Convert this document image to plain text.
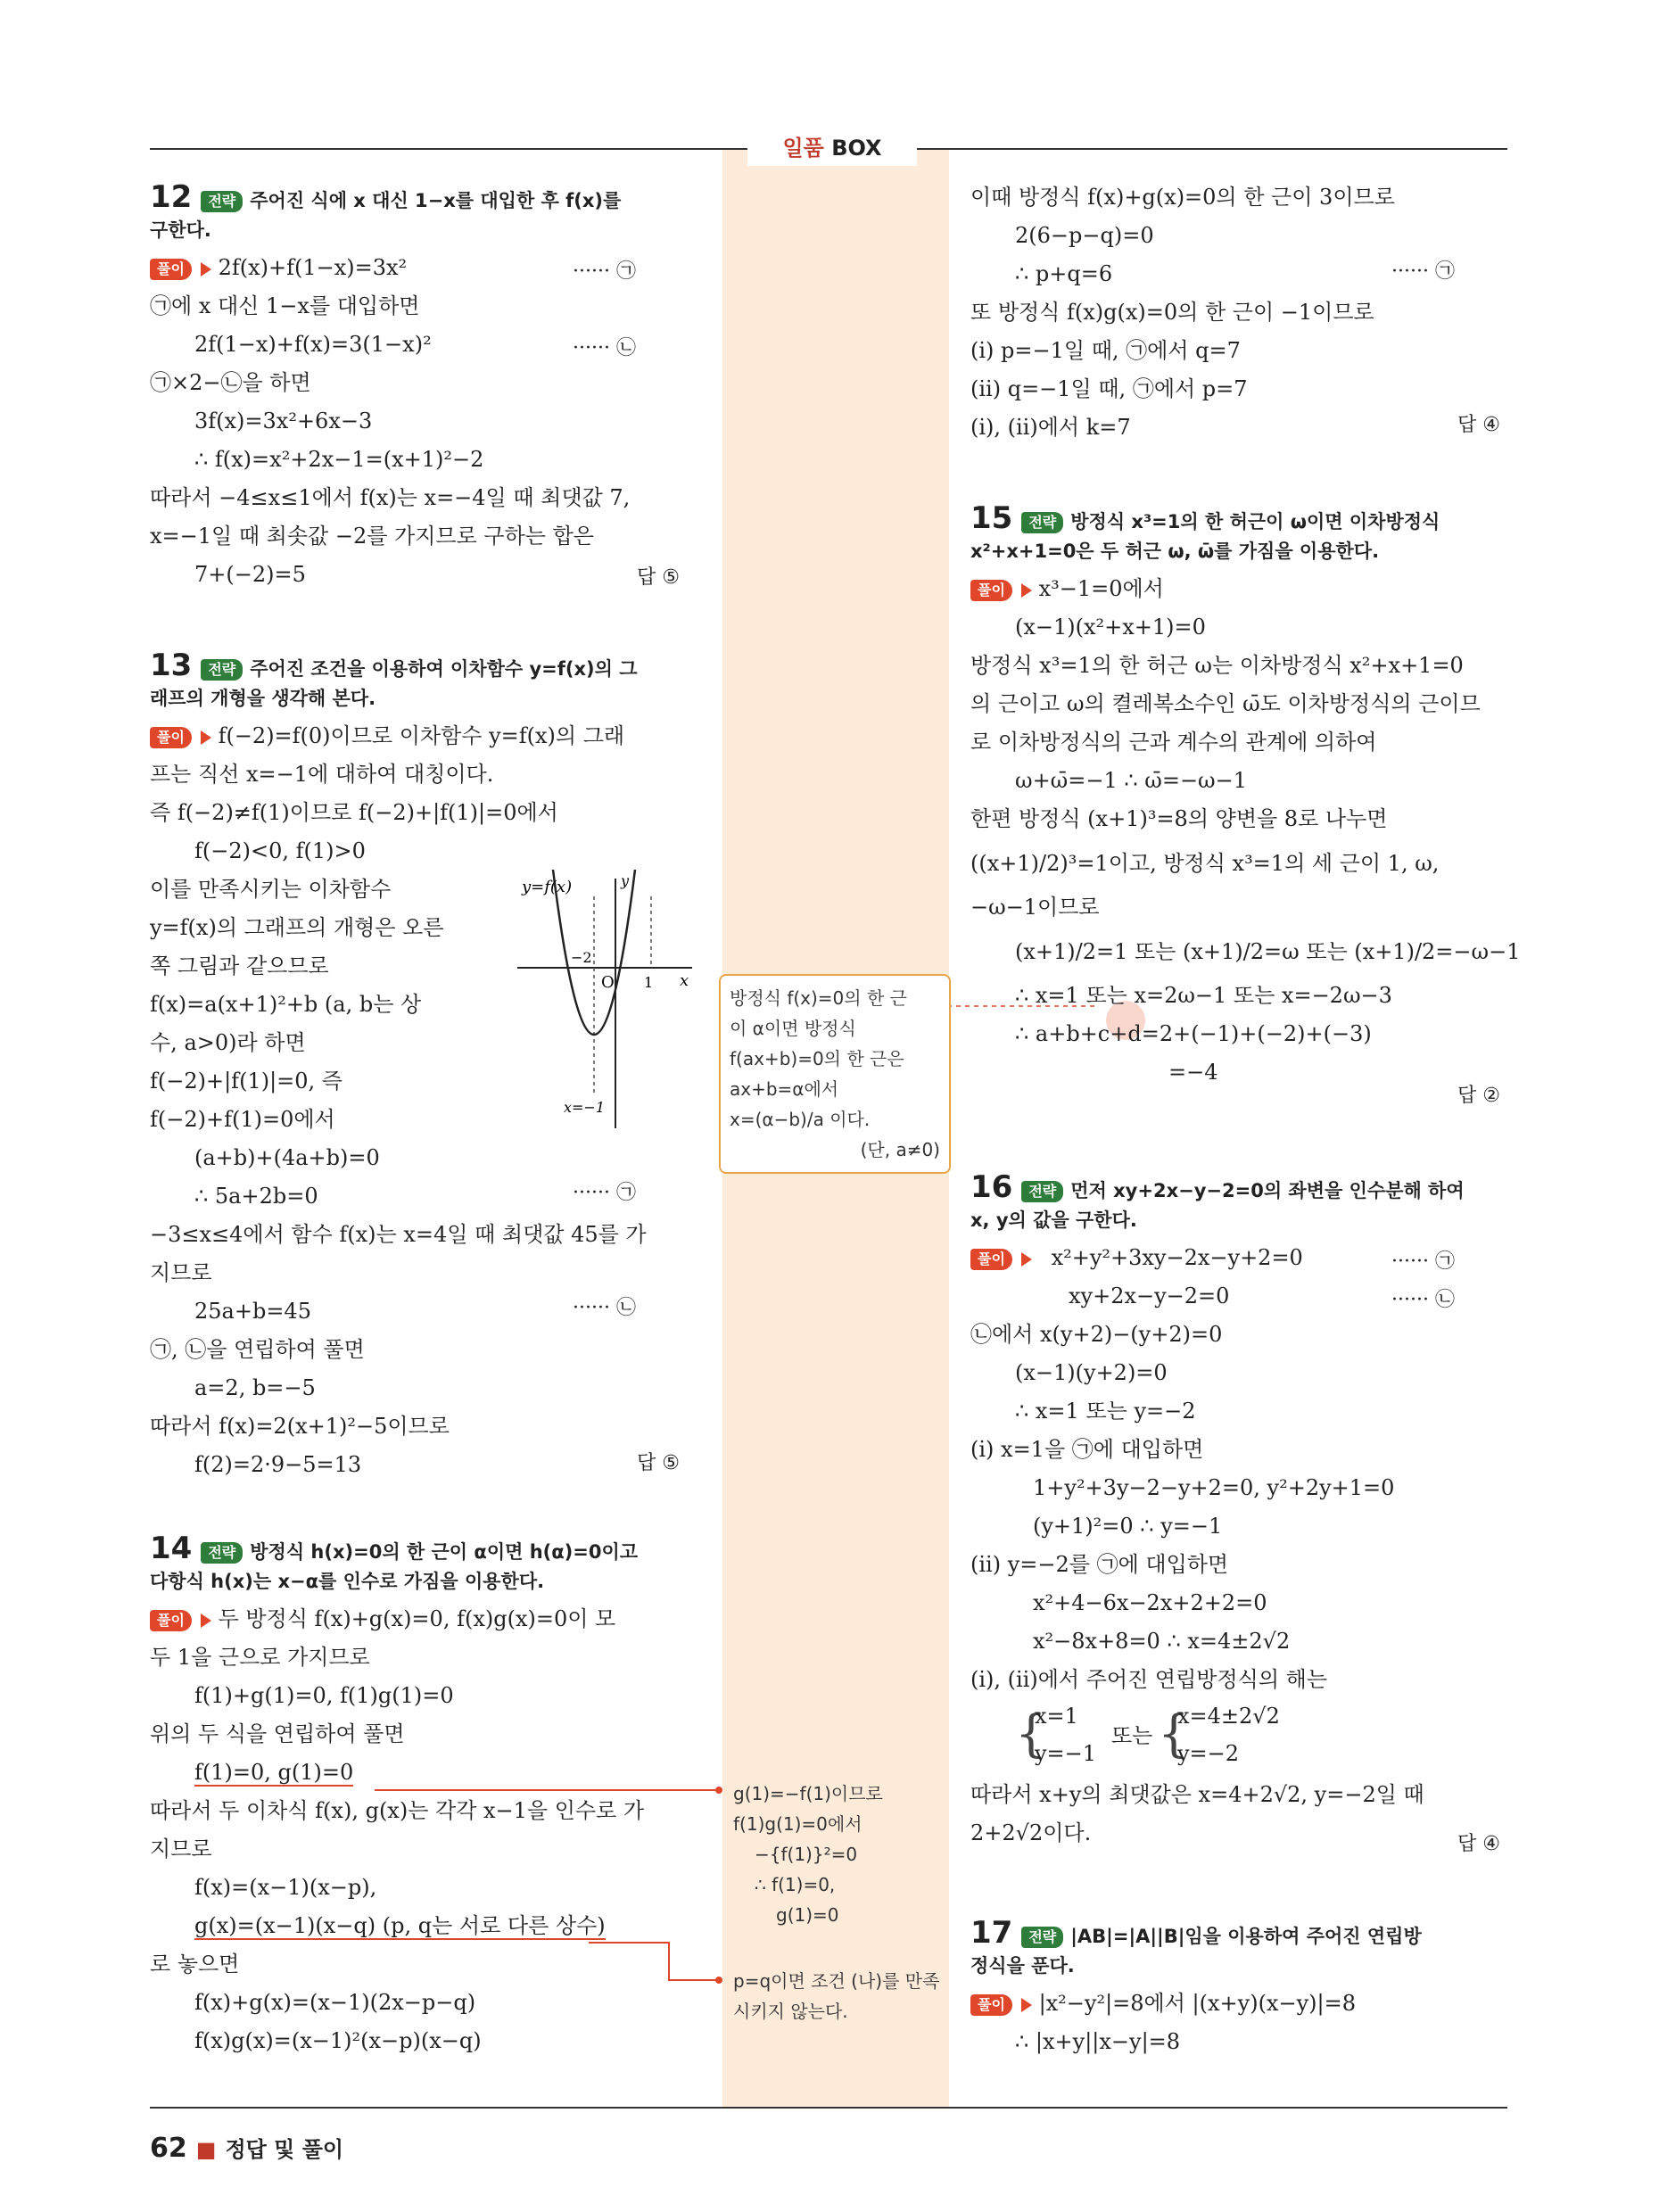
일품 BOX
12 전략 주어진 식에 x 대신 1−x를 대입한 후 f(x)를
구한다.
풀이 2f(x)+f(1−x)=3x²
㉠에 x 대신 1−x를 대입하면
2f(1−x)+f(x)=3(1−x)²
㉠×2−㉡을 하면
3f(x)=3x²+6x−3
∴ f(x)=x²+2x−1=(x+1)²−2
따라서 −4≤x≤1에서 f(x)는 x=−4일 때 최댓값 7,
x=−1일 때 최솟값 −2를 가지므로 구하는 합은
7+(−2)=5
······ ㉠
······ ㉡
답 ⑤
13 전략 주어진 조건을 이용하여 이차함수 y=f(x)의 그
래프의 개형을 생각해 본다.
풀이 f(−2)=f(0)이므로 이차함수 y=f(x)의 그래
프는 직선 x=−1에 대하여 대칭이다.
즉 f(−2)≠f(1)이므로 f(−2)+|f(1)|=0에서
f(−2)<0, f(1)>0
이를 만족시키는 이차함수
y=f(x)의 그래프의 개형은 오른
쪽 그림과 같으므로
f(x)=a(x+1)²+b (a, b는 상
수, a>0)라 하면
f(−2)+|f(1)|=0, 즉
f(−2)+f(1)=0에서
(a+b)+(4a+b)=0
∴ 5a+2b=0
−3≤x≤4에서 함수 f(x)는 x=4일 때 최댓값 45를 가
지므로
25a+b=45
㉠, ㉡을 연립하여 풀면
a=2, b=−5
따라서 f(x)=2(x+1)²−5이므로
f(2)=2·9−5=13
······ ㉠
······ ㉡
답 ⑤
y=f(x)	y
x
O
−2
1
x=−1
14 전략 방정식 h(x)=0의 한 근이 α이면 h(α)=0이고
다항식 h(x)는 x−α를 인수로 가짐을 이용한다.
풀이 두 방정식 f(x)+g(x)=0, f(x)g(x)=0이 모
두 1을 근으로 가지므로
f(1)+g(1)=0, f(1)g(1)=0
위의 두 식을 연립하여 풀면
f(1)=0, g(1)=0
따라서 두 이차식 f(x), g(x)는 각각 x−1을 인수로 가
지므로
f(x)=(x−1)(x−p),
g(x)=(x−1)(x−q) (p, q는 서로 다른 상수)
로 놓으면
f(x)+g(x)=(x−1)(2x−p−q)
f(x)g(x)=(x−1)²(x−p)(x−q)
방정식 f(x)=0의 한 근
이 α이면 방정식
f(ax+b)=0의 한 근은
ax+b=α에서
x=(α−b)/a 이다.
(단, a≠0)
g(1)=−f(1)이므로
f(1)g(1)=0에서
−{f(1)}²=0
∴ f(1)=0,
g(1)=0
p=q이면 조건 (나)를 만족
시키지 않는다.
이때 방정식 f(x)+g(x)=0의 한 근이 3이므로
2(6−p−q)=0
∴ p+q=6
또 방정식 f(x)g(x)=0의 한 근이 −1이므로
(ⅰ) p=−1일 때, ㉠에서 q=7
(ⅱ) q=−1일 때, ㉠에서 p=7
(ⅰ), (ⅱ)에서 k=7
······ ㉠
답 ④
15 전략 방정식 x³=1의 한 허근이 ω이면 이차방정식
x²+x+1=0은 두 허근 ω, ω̄를 가짐을 이용한다.
풀이 x³−1=0에서
(x−1)(x²+x+1)=0
방정식 x³=1의 한 허근 ω는 이차방정식 x²+x+1=0
의 근이고 ω의 켤레복소수인 ω̄도 이차방정식의 근이므
로 이차방정식의 근과 계수의 관계에 의하여
ω+ω̄=−1 ∴ ω̄=−ω−1
한편 방정식 (x+1)³=8의 양변을 8로 나누면
((x+1)/2)³=1이고, 방정식 x³=1의 세 근이 1, ω,
−ω−1이므로
(x+1)/2=1 또는 (x+1)/2=ω 또는 (x+1)/2=−ω−1
∴ x=1 또는 x=2ω−1 또는 x=−2ω−3
∴ a+b+c+d=2+(−1)+(−2)+(−3)
=−4
답 ②
16 전략 먼저 xy+2x−y−2=0의 좌변을 인수분해 하여
x, y의 값을 구한다.
풀이 x²+y²+3xy−2x−y+2=0
xy+2x−y−2=0
㉡에서 x(y+2)−(y+2)=0
(x−1)(y+2)=0
∴ x=1 또는 y=−2
(ⅰ) x=1을 ㉠에 대입하면
1+y²+3y−2−y+2=0, y²+2y+1=0
(y+1)²=0 ∴ y=−1
(ⅱ) y=−2를 ㉠에 대입하면
x²+4−6x−2x+2+2=0
x²−8x+8=0 ∴ x=4±2√2
(ⅰ), (ⅱ)에서 주어진 연립방정식의 해는
{
x=1
y=−1
또는 {
x=4±2√2
y=−2
따라서 x+y의 최댓값은 x=4+2√2, y=−2일 때
2+2√2이다.
······ ㉠
······ ㉡
답 ④
17 전략 |AB|=|A||B|임을 이용하여 주어진 연립방
정식을 푼다.
풀이 |x²−y²|=8에서 |(x+y)(x−y)|=8
∴ |x+y||x−y|=8
62 ■ 정답 및 풀이
